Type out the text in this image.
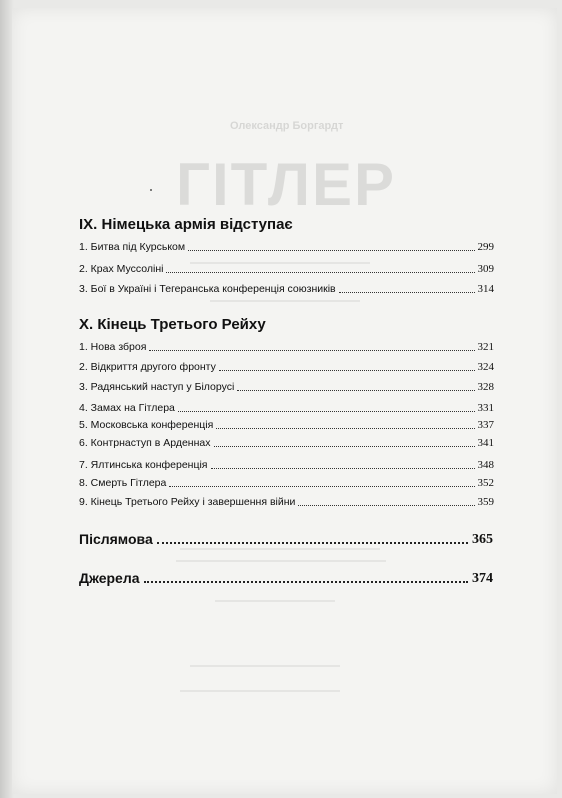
Олександр Боргардт
ГІТЛЕР
IX. Німецька армія відступає
1. Битва під Курськом	299
2. Крах Муссоліні	309
3. Бої в Україні і Тегеранська конференція союзників	314
X. Кінець Третього Рейху
1. Нова зброя	321
2. Відкриття другого фронту	324
3. Радянський наступ у Білорусі	328
4. Замах на Гітлера	331
5. Московська конференція	337
6. Контрнаступ в Арденнах	341
7. Ялтинська конференція	348
8. Смерть Гітлера	352
9. Кінець Третього Рейху і завершення війни	359
Післямова	365
Джерела	374
